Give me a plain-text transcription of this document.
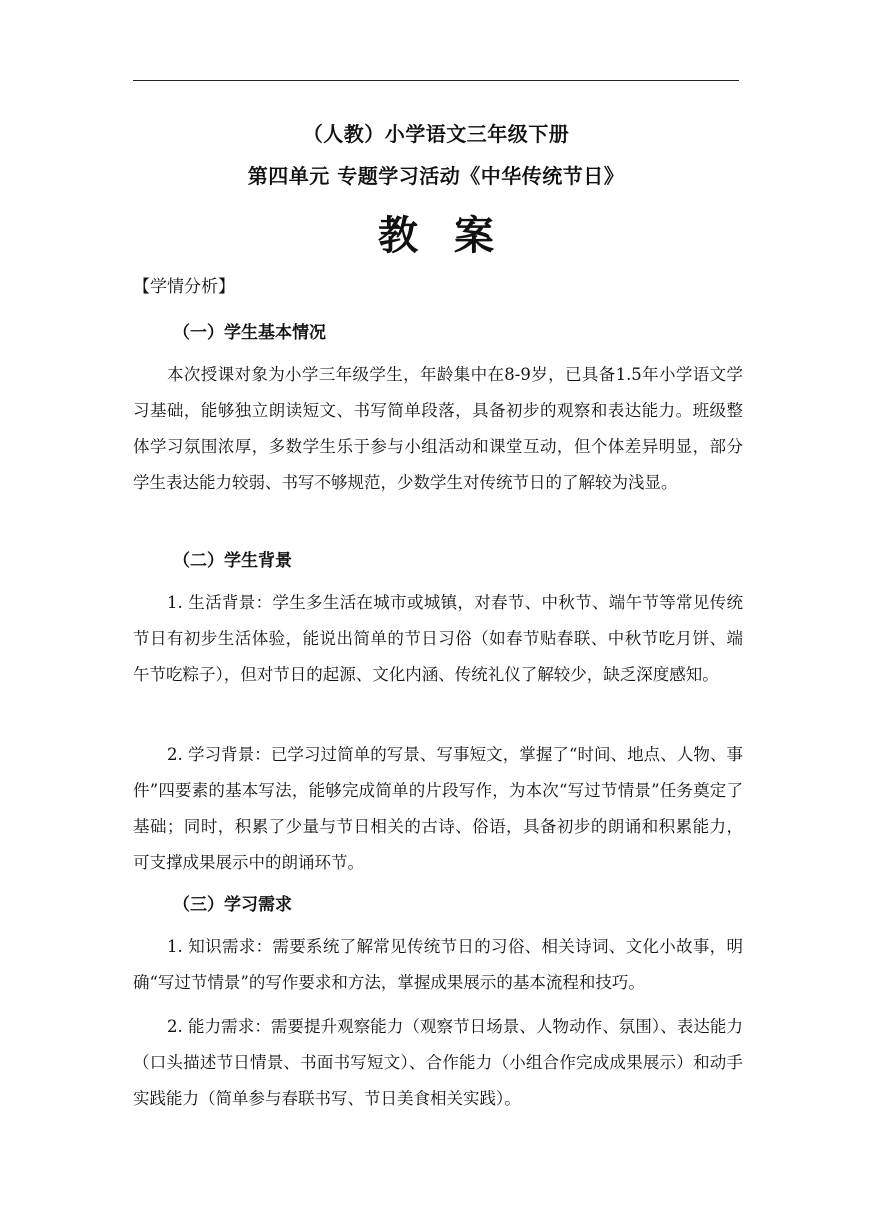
（人教）小学语文三年级下册
第四单元 专题学习活动《中华传统节日》
教案
【学情分析】
（一）学生基本情况

本次授课对象为小学三年级学生，年龄集中在8-9岁，已具备1.5年小学语文学习基础，能够独立朗读短文、书写简单段落，具备初步的观察和表达能力。班级整体学习氛围浓厚，多数学生乐于参与小组活动和课堂互动，但个体差异明显，部分学生表达能力较弱、书写不够规范，少数学生对传统节日的了解较为浅显。

（二）学生背景

1. 生活背景：学生多生活在城市或城镇，对春节、中秋节、端午节等常见传统节日有初步生活体验，能说出简单的节日习俗（如春节贴春联、中秋节吃月饼、端午节吃粽子），但对节日的起源、文化内涵、传统礼仪了解较少，缺乏深度感知。

2. 学习背景：已学习过简单的写景、写事短文，掌握了“时间、地点、人物、事件”四要素的基本写法，能够完成简单的片段写作，为本次“写过节情景”任务奠定了基础；同时，积累了少量与节日相关的古诗、俗语，具备初步的朗诵和积累能力，可支撑成果展示中的朗诵环节。

（三）学习需求

1. 知识需求：需要系统了解常见传统节日的习俗、相关诗词、文化小故事，明确“写过节情景”的写作要求和方法，掌握成果展示的基本流程和技巧。

2. 能力需求：需要提升观察能力（观察节日场景、人物动作、氛围）、表达能力（口头描述节日情景、书面书写短文）、合作能力（小组合作完成成果展示）和动手实践能力（简单参与春联书写、节日美食相关实践）。
